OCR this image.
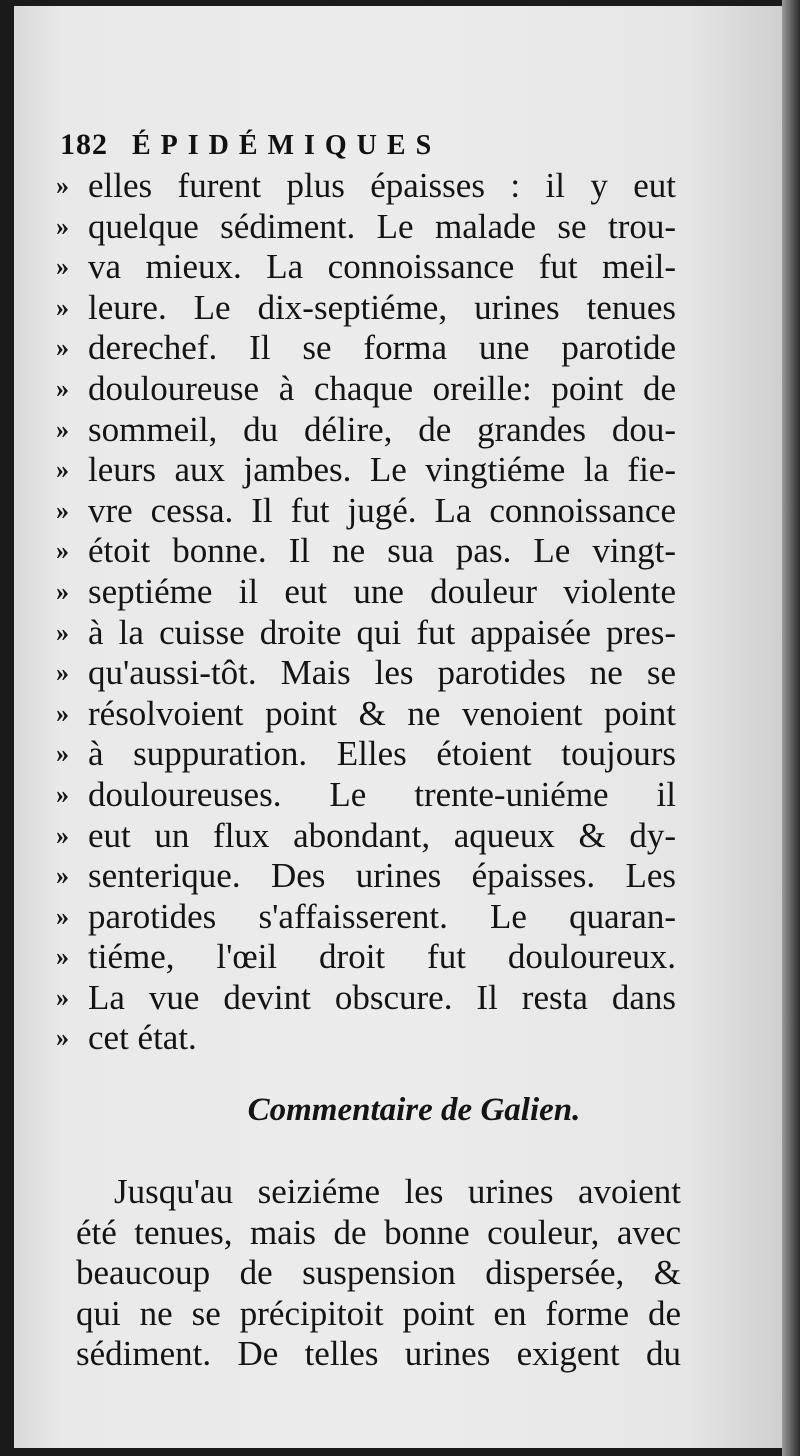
182 ÉPIDÉMIQUES
» elles furent plus épaisses : il y eut
» quelque sédiment. Le malade se trou-
» va mieux. La connoissance fut meil-
» leure. Le dix-septiéme, urines tenues
» derechef. Il se forma une parotide
» douloureuse à chaque oreille: point de
» sommeil, du délire, de grandes dou-
» leurs aux jambes. Le vingtiéme la fie-
» vre cessa. Il fut jugé. La connoissance
» étoit bonne. Il ne sua pas. Le vingt-
» septiéme il eut une douleur violente
» à la cuisse droite qui fut appaisée pres-
» qu'aussi-tôt. Mais les parotides ne se
» résolvoient point & ne venoient point
» à suppuration. Elles étoient toujours
» douloureuses. Le trente-uniéme il
» eut un flux abondant, aqueux & dy-
» senterique. Des urines épaisses. Les
» parotides s'affaisserent. Le quaran-
» tiéme, l'œil droit fut douloureux.
» La vue devint obscure. Il resta dans
» cet état.
Commentaire de Galien.
Jusqu'au seiziéme les urines avoient
été tenues, mais de bonne couleur, avec
beaucoup de suspension dispersée, &
qui ne se précipitoit point en forme de
sédiment. De telles urines exigent du
